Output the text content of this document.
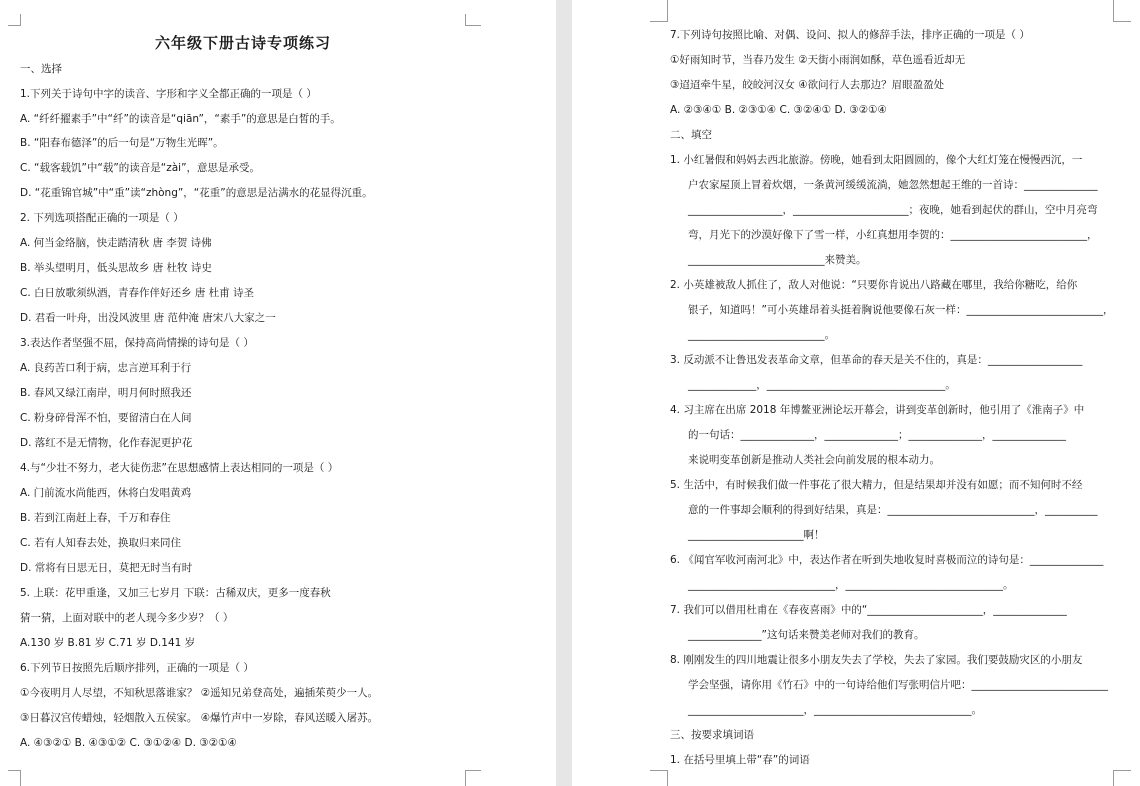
六年级下册古诗专项练习
一、选择
1.下列关于诗句中字的读音、字形和字义全都正确的一项是（ ）
A. “纤纤擢素手”中“纤”的读音是“qiān”，“素手”的意思是白皙的手。
B. “阳春布德泽”的后一句是“万物生光晖”。
C. “载客载饥”中“载”的读音是“zài”，意思是承受。
D. “花重锦官城”中“重”读“zhòng”，“花重”的意思是沾满水的花显得沉重。
2. 下列选项搭配正确的一项是（ ）
A. 何当金络脑，快走踏清秋 唐 李贺 诗佛
B. 举头望明月，低头思故乡 唐 杜牧 诗史
C. 白日放歌须纵酒，青春作伴好还乡 唐 杜甫 诗圣
D. 君看一叶舟，出没风波里 唐 范仲淹 唐宋八大家之一
3.表达作者坚强不屈，保持高尚情操的诗句是（ ）
A. 良药苦口利于病，忠言逆耳利于行
B. 春风又绿江南岸，明月何时照我还
C. 粉身碎骨浑不怕，要留清白在人间
D. 落红不是无情物，化作春泥更护花
4.与“少壮不努力，老大徒伤悲”在思想感情上表达相同的一项是（ ）
A. 门前流水尚能西，休将白发唱黄鸡
B. 若到江南赶上春，千万和春住
C. 若有人知春去处，换取归来同住
D. 常将有日思无日，莫把无时当有时
5. 上联：花甲重逢，又加三七岁月 下联：古稀双庆，更多一度春秋
猜一猜，上面对联中的老人现今多少岁？（ ）
A.130 岁 B.81 岁 C.71 岁 D.141 岁
6.下列节日按照先后顺序排列，正确的一项是（ ）
①今夜明月人尽望，不知秋思落谁家？ ②遥知兄弟登高处，遍插茱萸少一人。
③日暮汉宫传蜡烛，轻烟散入五侯家。 ④爆竹声中一岁除，春风送暖入屠苏。
A. ④③②① B. ④③①② C. ③①②④ D. ③②①④
7.下列诗句按照比喻、对偶、设问、拟人的修辞手法，排序正确的一项是（ ）
①好雨知时节，当春乃发生 ②天街小雨润如酥，草色遥看近却无
③迢迢牵牛星，皎皎河汉女 ④欲问行人去那边？眉眼盈盈处
A. ②③④① B. ②③①④ C. ③②④① D. ③②①④
二、填空
1. 小红暑假和妈妈去西北旅游。傍晚，她看到太阳圆圆的，像个大红灯笼在慢慢西沉，一
户农家屋顶上冒着炊烟，一条黄河缓缓流淌，她忽然想起王维的一首诗：______________
__________________，______________________；夜晚，她看到起伏的群山，空中月亮弯
弯，月光下的沙漠好像下了雪一样，小红真想用李贺的：__________________________，
__________________________来赞美。
2. 小英雄被敌人抓住了，敌人对他说：“只要你肯说出八路藏在哪里，我给你糖吃，给你
银子，知道吗！”可小英雄昂着头挺着胸说他要像石灰一样：__________________________，
__________________________。
3. 反动派不让鲁迅发表革命文章，但革命的春天是关不住的，真是：__________________
_____________，__________________________________。
4. 习主席在出席 2018 年博鳌亚洲论坛开幕会，讲到变革创新时，他引用了《淮南子》中
的一句话：______________，______________；______________，______________
来说明变革创新是推动人类社会向前发展的根本动力。
5. 生活中，有时候我们做一件事花了很大精力，但是结果却并没有如愿；而不知何时不经
意的一件事却会顺利的得到好结果，真是：____________________________，__________
______________________啊！
6. 《闻官军收河南河北》中，表达作者在听到失地收复时喜极而泣的诗句是：______________
____________________________，______________________________。
7. 我们可以借用杜甫在《春夜喜雨》中的“______________________，______________
______________”这句话来赞美老师对我们的教育。
8. 刚刚发生的四川地震让很多小朋友失去了学校，失去了家园。我们要鼓励灾区的小朋友
学会坚强，请你用《竹石》中的一句诗给他们写张明信片吧：__________________________
______________________，______________________________。
三、按要求填词语
1. 在括号里填上带“春”的词语
